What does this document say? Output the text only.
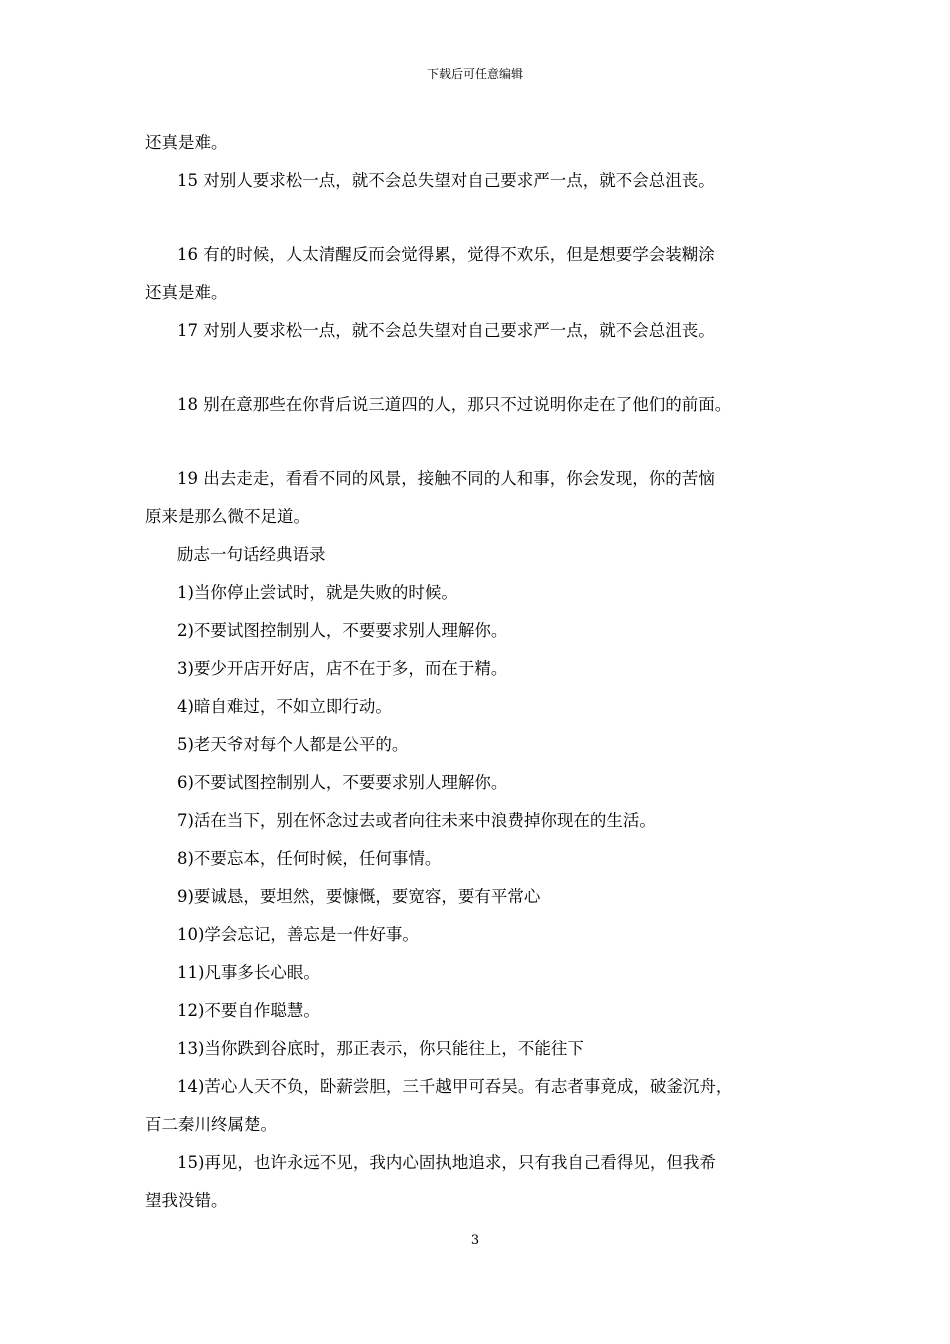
下载后可任意编辑
还真是难。
15 对别人要求松一点，就不会总失望对自己要求严一点，就不会总沮丧。
16 有的时候，人太清醒反而会觉得累，觉得不欢乐，但是想要学会装糊涂
还真是难。
17 对别人要求松一点，就不会总失望对自己要求严一点，就不会总沮丧。
18 别在意那些在你背后说三道四的人，那只不过说明你走在了他们的前面。
19 出去走走，看看不同的风景，接触不同的人和事，你会发现，你的苦恼
原来是那么微不足道。
励志一句话经典语录
1)当你停止尝试时，就是失败的时候。
2)不要试图控制别人，不要要求别人理解你。
3)要少开店开好店，店不在于多，而在于精。
4)暗自难过，不如立即行动。
5)老天爷对每个人都是公平的。
6)不要试图控制别人，不要要求别人理解你。
7)活在当下，别在怀念过去或者向往未来中浪费掉你现在的生活。
8)不要忘本，任何时候，任何事情。
9)要诚恳，要坦然，要慷慨，要宽容，要有平常心
10)学会忘记，善忘是一件好事。
11)凡事多长心眼。
12)不要自作聪慧。
13)当你跌到谷底时，那正表示，你只能往上，不能往下
14)苦心人天不负，卧薪尝胆，三千越甲可吞吴。有志者事竟成，破釜沉舟，
百二秦川终属楚。
15)再见，也许永远不见，我内心固执地追求，只有我自己看得见，但我希
望我没错。
3
